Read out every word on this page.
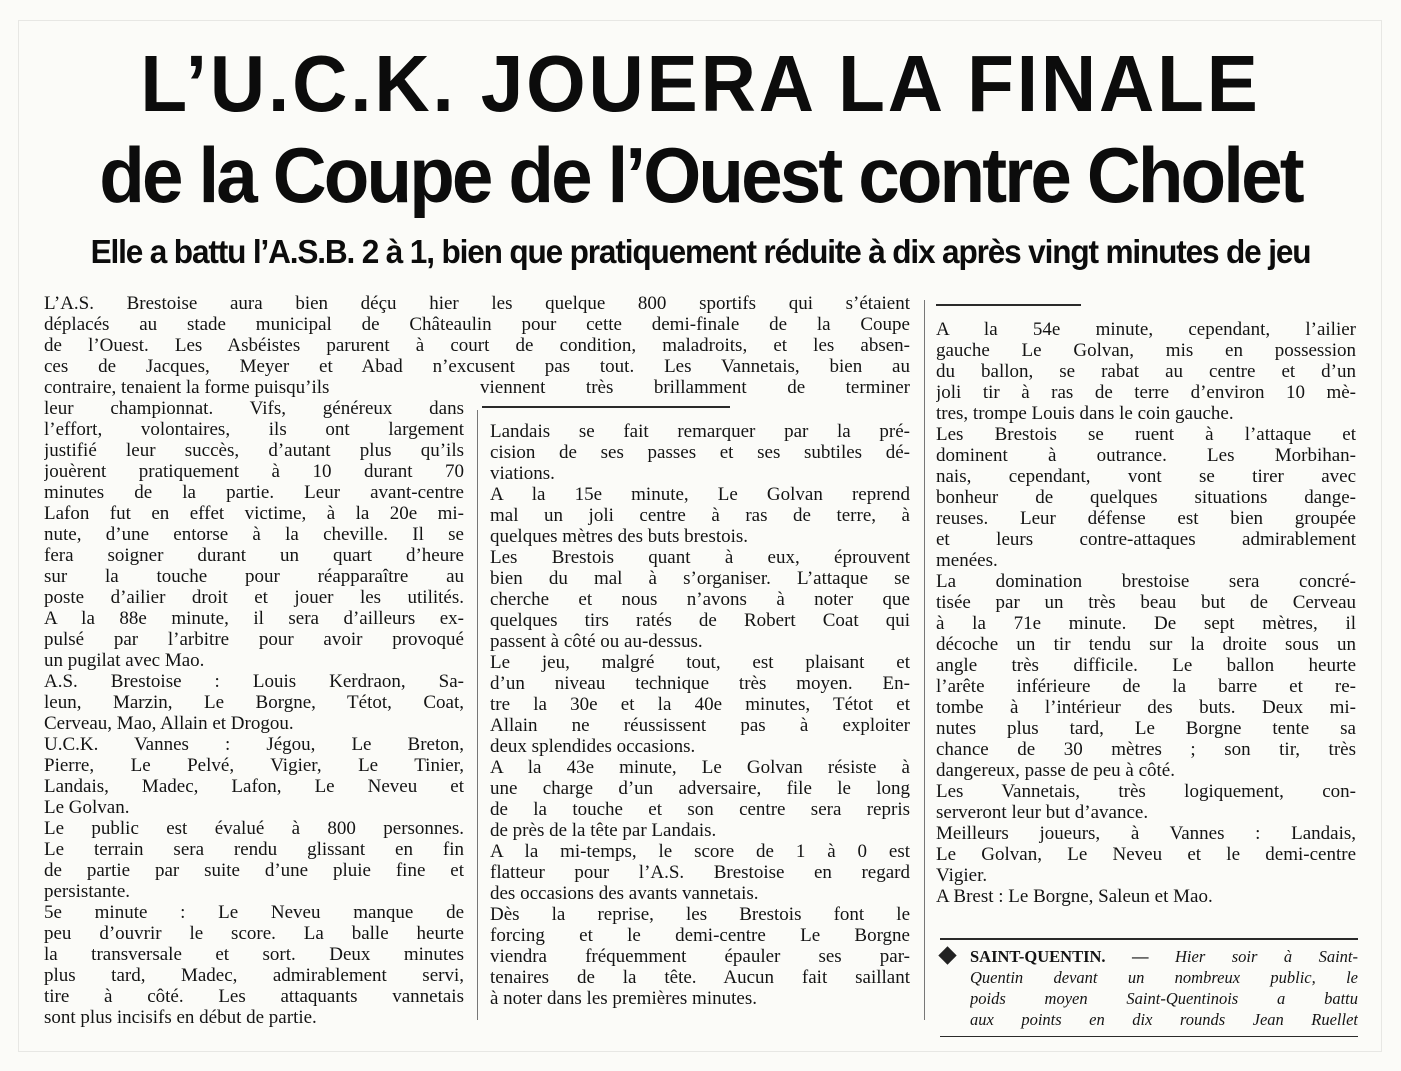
L’U.C.K. JOUERA LA FINALE
de la Coupe de l’Ouest contre Cholet
Elle a battu l’A.S.B. 2 à 1, bien que pratiquement réduite à dix après vingt minutes de jeu
L’A.S. Brestoise aura bien déçu hier les quelque 800 sportifs qui s’étaient
déplacés au stade municipal de Châteaulin pour cette demi-finale de la Coupe
de l’Ouest. Les Asbéistes parurent à court de condition, maladroits, et les absen-
ces de Jacques, Meyer et Abad n’excusent pas tout. Les Vannetais, bien au
contraire, tenaient la forme puisqu’ils
leur championnat. Vifs, généreux dans
l’effort, volontaires, ils ont largement
justifié leur succès, d’autant plus qu’ils
jouèrent pratiquement à 10 durant 70
minutes de la partie. Leur avant-centre
Lafon fut en effet victime, à la 20e mi-
nute, d’une entorse à la cheville. Il se
fera soigner durant un quart d’heure
sur la touche pour réapparaître au
poste d’ailier droit et jouer les utilités.
A la 88e minute, il sera d’ailleurs ex-
pulsé par l’arbitre pour avoir provoqué
un pugilat avec Mao.
A.S. Brestoise : Louis Kerdraon, Sa-
leun, Marzin, Le Borgne, Tétot, Coat,
Cerveau, Mao, Allain et Drogou.
U.C.K. Vannes : Jégou, Le Breton,
Pierre, Le Pelvé, Vigier, Le Tinier,
Landais, Madec, Lafon, Le Neveu et
Le Golvan.
Le public est évalué à 800 personnes.
Le terrain sera rendu glissant en fin
de partie par suite d’une pluie fine et
persistante.
5e minute : Le Neveu manque de
peu d’ouvrir le score. La balle heurte
la transversale et sort. Deux minutes
plus tard, Madec, admirablement servi,
tire à côté. Les attaquants vannetais
sont plus incisifs en début de partie.
viennent très brillamment de terminer
Landais se fait remarquer par la pré-
cision de ses passes et ses subtiles dé-
viations.
A la 15e minute, Le Golvan reprend
mal un joli centre à ras de terre, à
quelques mètres des buts brestois.
Les Brestois quant à eux, éprouvent
bien du mal à s’organiser. L’attaque se
cherche et nous n’avons à noter que
quelques tirs ratés de Robert Coat qui
passent à côté ou au-dessus.
Le jeu, malgré tout, est plaisant et
d’un niveau technique très moyen. En-
tre la 30e et la 40e minutes, Tétot et
Allain ne réussissent pas à exploiter
deux splendides occasions.
A la 43e minute, Le Golvan résiste à
une charge d’un adversaire, file le long
de la touche et son centre sera repris
de près de la tête par Landais.
A la mi-temps, le score de 1 à 0 est
flatteur pour l’A.S. Brestoise en regard
des occasions des avants vannetais.
Dès la reprise, les Brestois font le
forcing et le demi-centre Le Borgne
viendra fréquemment épauler ses par-
tenaires de la tête. Aucun fait saillant
à noter dans les premières minutes.
A la 54e minute, cependant, l’ailier
gauche Le Golvan, mis en possession
du ballon, se rabat au centre et d’un
joli tir à ras de terre d’environ 10 mè-
tres, trompe Louis dans le coin gauche.
Les Brestois se ruent à l’attaque et
dominent à outrance. Les Morbihan-
nais, cependant, vont se tirer avec
bonheur de quelques situations dange-
reuses. Leur défense est bien groupée
et leurs contre-attaques admirablement
menées.
La domination brestoise sera concré-
tisée par un très beau but de Cerveau
à la 71e minute. De sept mètres, il
décoche un tir tendu sur la droite sous un
angle très difficile. Le ballon heurte
l’arête inférieure de la barre et re-
tombe à l’intérieur des buts. Deux mi-
nutes plus tard, Le Borgne tente sa
chance de 30 mètres ; son tir, très
dangereux, passe de peu à côté.
Les Vannetais, très logiquement, con-
serveront leur but d’avance.
Meilleurs joueurs, à Vannes : Landais,
Le Golvan, Le Neveu et le demi-centre
Vigier.
A Brest : Le Borgne, Saleun et Mao.
SAINT-QUENTIN. — Hier soir à Saint-
Quentin devant un nombreux public, le
poids moyen Saint-Quentinois a battu
aux points en dix rounds Jean Ruellet
